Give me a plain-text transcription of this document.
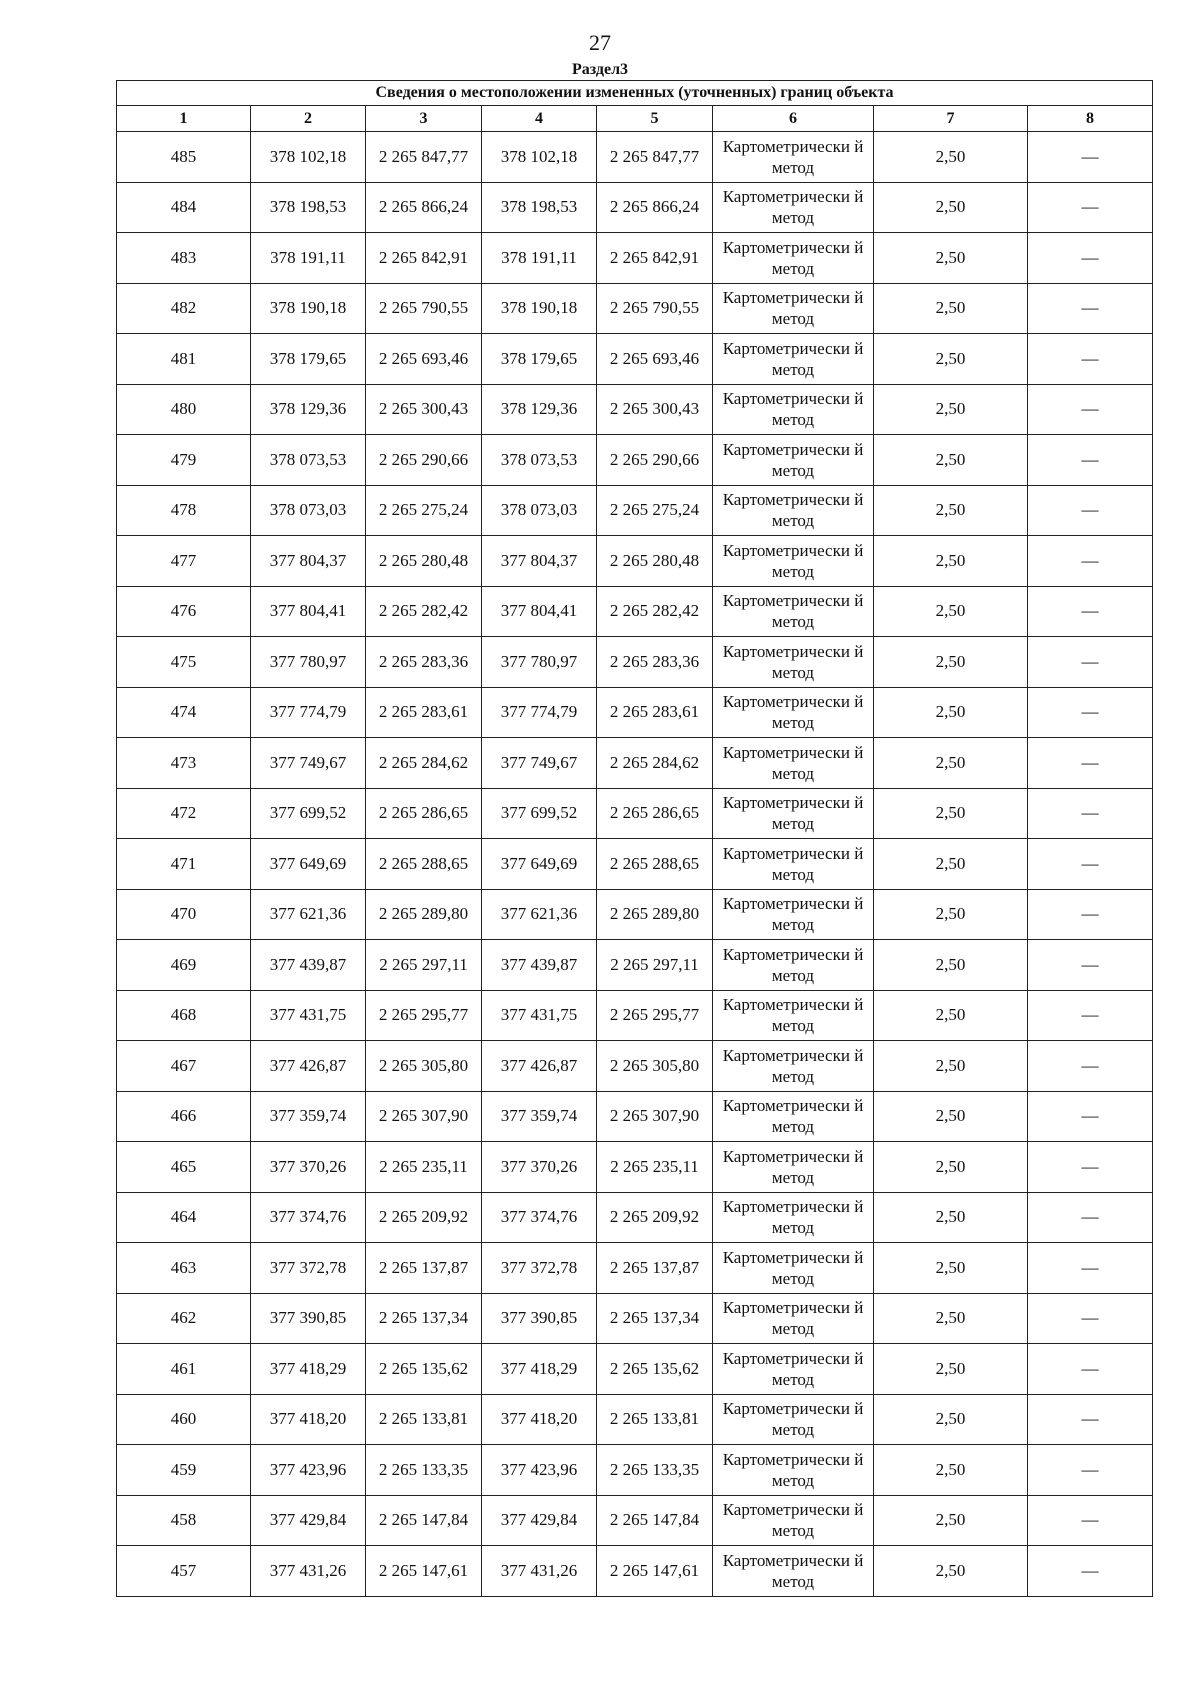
27
Раздел3
Сведения о местоположении измененных (уточненных) границ объекта							
1	2	3	4	5	6	7	8
485	378 102,18	2 265 847,77	378 102,18	2 265 847,77	Картометрически й метод	2,50	—
484	378 198,53	2 265 866,24	378 198,53	2 265 866,24	Картометрически й метод	2,50	—
483	378 191,11	2 265 842,91	378 191,11	2 265 842,91	Картометрически й метод	2,50	—
482	378 190,18	2 265 790,55	378 190,18	2 265 790,55	Картометрически й метод	2,50	—
481	378 179,65	2 265 693,46	378 179,65	2 265 693,46	Картометрически й метод	2,50	—
480	378 129,36	2 265 300,43	378 129,36	2 265 300,43	Картометрически й метод	2,50	—
479	378 073,53	2 265 290,66	378 073,53	2 265 290,66	Картометрически й метод	2,50	—
478	378 073,03	2 265 275,24	378 073,03	2 265 275,24	Картометрически й метод	2,50	—
477	377 804,37	2 265 280,48	377 804,37	2 265 280,48	Картометрически й метод	2,50	—
476	377 804,41	2 265 282,42	377 804,41	2 265 282,42	Картометрически й метод	2,50	—
475	377 780,97	2 265 283,36	377 780,97	2 265 283,36	Картометрически й метод	2,50	—
474	377 774,79	2 265 283,61	377 774,79	2 265 283,61	Картометрически й метод	2,50	—
473	377 749,67	2 265 284,62	377 749,67	2 265 284,62	Картометрически й метод	2,50	—
472	377 699,52	2 265 286,65	377 699,52	2 265 286,65	Картометрически й метод	2,50	—
471	377 649,69	2 265 288,65	377 649,69	2 265 288,65	Картометрически й метод	2,50	—
470	377 621,36	2 265 289,80	377 621,36	2 265 289,80	Картометрически й метод	2,50	—
469	377 439,87	2 265 297,11	377 439,87	2 265 297,11	Картометрически й метод	2,50	—
468	377 431,75	2 265 295,77	377 431,75	2 265 295,77	Картометрически й метод	2,50	—
467	377 426,87	2 265 305,80	377 426,87	2 265 305,80	Картометрически й метод	2,50	—
466	377 359,74	2 265 307,90	377 359,74	2 265 307,90	Картометрически й метод	2,50	—
465	377 370,26	2 265 235,11	377 370,26	2 265 235,11	Картометрически й метод	2,50	—
464	377 374,76	2 265 209,92	377 374,76	2 265 209,92	Картометрически й метод	2,50	—
463	377 372,78	2 265 137,87	377 372,78	2 265 137,87	Картометрически й метод	2,50	—
462	377 390,85	2 265 137,34	377 390,85	2 265 137,34	Картометрически й метод	2,50	—
461	377 418,29	2 265 135,62	377 418,29	2 265 135,62	Картометрически й метод	2,50	—
460	377 418,20	2 265 133,81	377 418,20	2 265 133,81	Картометрически й метод	2,50	—
459	377 423,96	2 265 133,35	377 423,96	2 265 133,35	Картометрически й метод	2,50	—
458	377 429,84	2 265 147,84	377 429,84	2 265 147,84	Картометрически й метод	2,50	—
457	377 431,26	2 265 147,61	377 431,26	2 265 147,61	Картометрически й метод	2,50	—
